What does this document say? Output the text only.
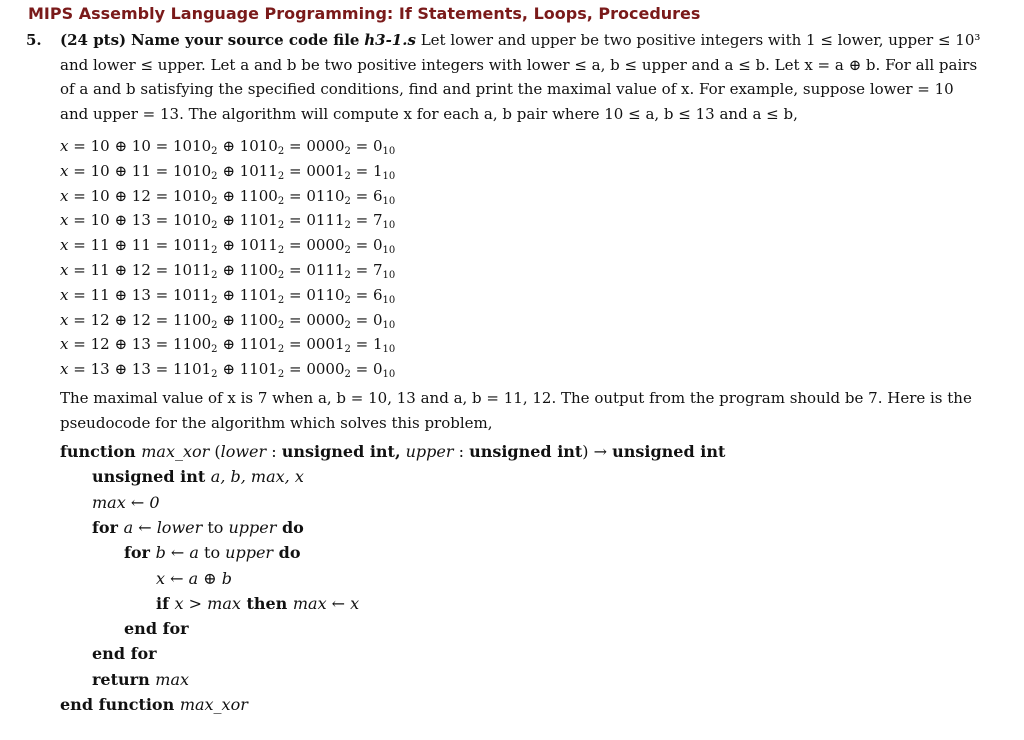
MIPS Assembly Language Programming: If Statements, Loops, Procedures
5. (24 pts) Name your source code file h3-1.s Let lower and upper be two positive integers with 1 ≤ lower, upper ≤ 10³ and lower ≤ upper. Let a and b be two positive integers with lower ≤ a, b ≤ upper and a ≤ b. Let x = a ⊕ b. For all pairs of a and b satisfying the specified conditions, find and print the maximal value of x. For example, suppose lower = 10 and upper = 13. The algorithm will compute x for each a, b pair where 10 ≤ a, b ≤ 13 and a ≤ b,
x = 10 ⊕ $10 = 1010_2$ ⊕ $1010_2 = 0000_2 = 0_{10}$
x = 10 ⊕ $11 = 1010_2$ ⊕ $1011_2 = 0001_2 = 1_{10}$
x = 10 ⊕ $12 = 1010_2$ ⊕ $1100_2 = 0110_2 = 6_{10}$
x = 10 ⊕ $13 = 1010_2$ ⊕ $1101_2 = 0111_2 = 7_{10}$
x = 11 ⊕ $11 = 1011_2$ ⊕ $1011_2 = 0000_2 = 0_{10}$
x = 11 ⊕ $12 = 1011_2$ ⊕ $1100_2 = 0111_2 = 7_{10}$
x = 11 ⊕ $13 = 1011_2$ ⊕ $1101_2 = 0110_2 = 6_{10}$
x = 12 ⊕ $12 = 1100_2$ ⊕ $1100_2 = 0000_2 = 0_{10}$
x = 12 ⊕ $13 = 1100_2$ ⊕ $1101_2 = 0001_2 = 1_{10}$
x = 13 ⊕ $13 = 1101_2$ ⊕ $1101_2 = 0000_2 = 0_{10}$
The maximal value of x is 7 when a, b = 10, 13 and a, b = 11, 12. The output from the program should be 7. Here is the pseudocode for the algorithm which solves this problem,
function max_xor (lower : unsigned int, upper : unsigned int) → unsigned int
unsigned int a, b, max, x
max ← 0
for a ← lower to upper do
for b ← a to upper do
x ← a ⊕ b
if x > max then max ← x
end for
end for
return max
end function max_xor
